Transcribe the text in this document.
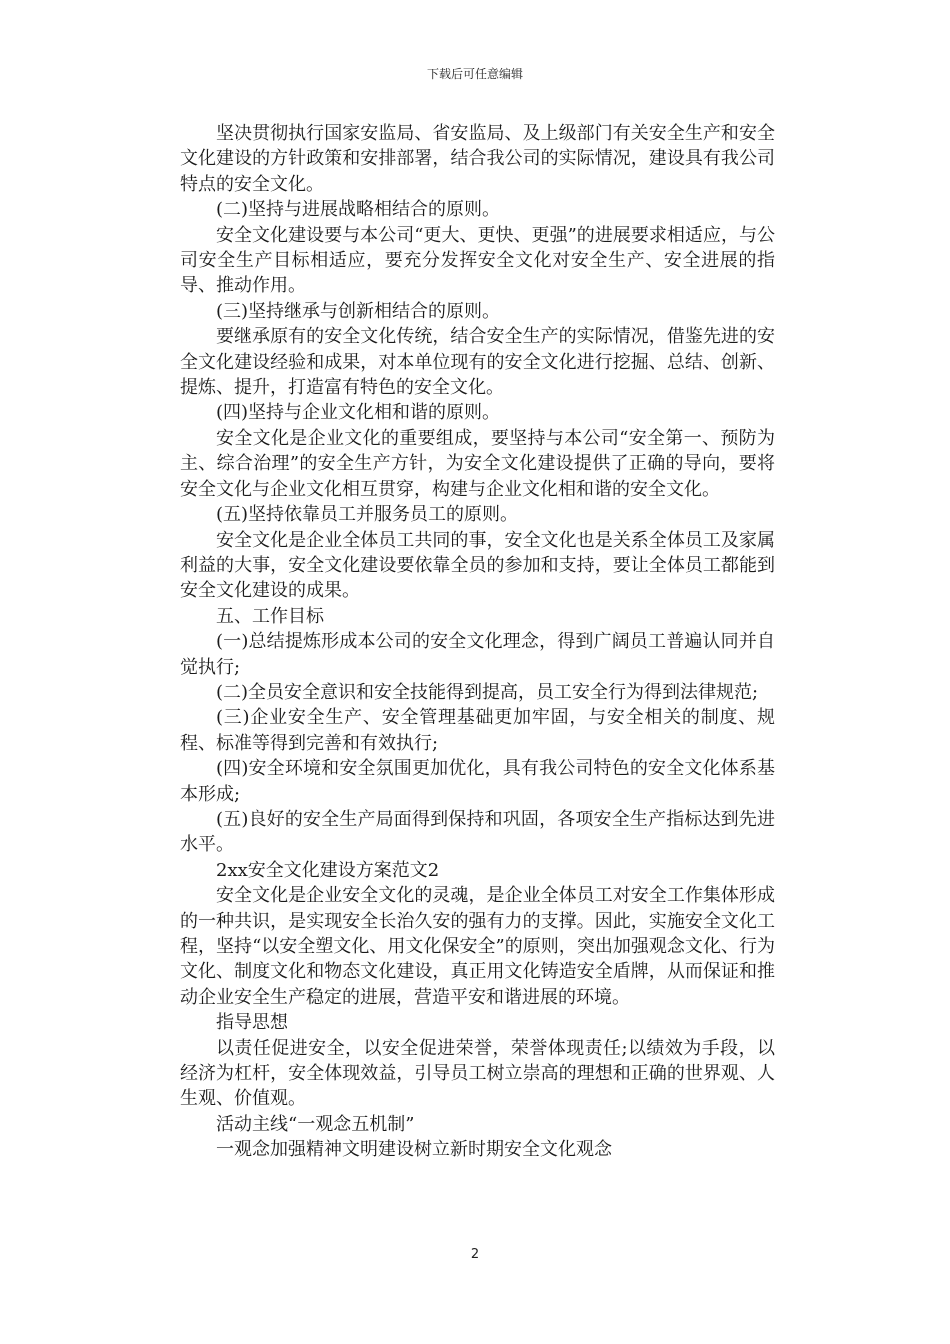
下载后可任意编辑

坚决贯彻执行国家安监局、省安监局、及上级部门有关安全生产和安全文化建设的方针政策和安排部署，结合我公司的实际情况，建设具有我公司特点的安全文化。

(二)坚持与进展战略相结合的原则。

安全文化建设要与本公司“更大、更快、更强”的进展要求相适应，与公司安全生产目标相适应，要充分发挥安全文化对安全生产、安全进展的指导、推动作用。

(三)坚持继承与创新相结合的原则。

要继承原有的安全文化传统，结合安全生产的实际情况，借鉴先进的安全文化建设经验和成果，对本单位现有的安全文化进行挖掘、总结、创新、提炼、提升，打造富有特色的安全文化。

(四)坚持与企业文化相和谐的原则。

安全文化是企业文化的重要组成，要坚持与本公司“安全第一、预防为主、综合治理”的安全生产方针，为安全文化建设提供了正确的导向，要将安全文化与企业文化相互贯穿，构建与企业文化相和谐的安全文化。

(五)坚持依靠员工并服务员工的原则。

安全文化是企业全体员工共同的事，安全文化也是关系全体员工及家属利益的大事，安全文化建设要依靠全员的参加和支持，要让全体员工都能到安全文化建设的成果。

五、工作目标

(一)总结提炼形成本公司的安全文化理念，得到广阔员工普遍认同并自觉执行;

(二)全员安全意识和安全技能得到提高，员工安全行为得到法律规范;

(三)企业安全生产、安全管理基础更加牢固，与安全相关的制度、规程、标准等得到完善和有效执行;

(四)安全环境和安全氛围更加优化，具有我公司特色的安全文化体系基本形成;

(五)良好的安全生产局面得到保持和巩固，各项安全生产指标达到先进水平。

2xx安全文化建设方案范文2

安全文化是企业安全文化的灵魂，是企业全体员工对安全工作集体形成的一种共识，是实现安全长治久安的强有力的支撑。因此，实施安全文化工程，坚持“以安全塑文化、用文化保安全”的原则，突出加强观念文化、行为文化、制度文化和物态文化建设，真正用文化铸造安全盾牌，从而保证和推动企业安全生产稳定的进展，营造平安和谐进展的环境。

指导思想

以责任促进安全，以安全促进荣誉，荣誉体现责任;以绩效为手段，以经济为杠杆，安全体现效益，引导员工树立崇高的理想和正确的世界观、人生观、价值观。

活动主线“一观念五机制”

一观念加强精神文明建设树立新时期安全文化观念

2
